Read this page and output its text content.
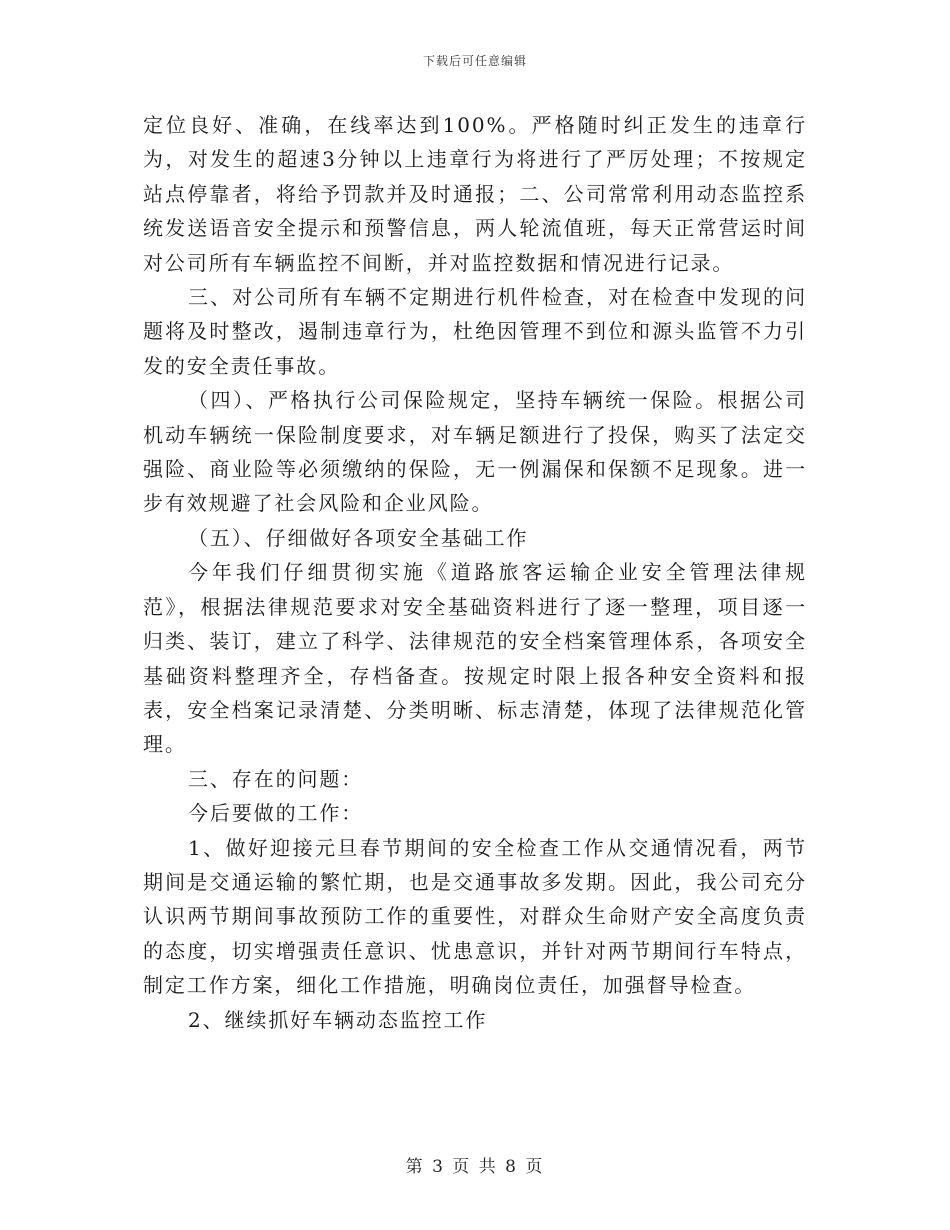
下载后可任意编辑

定位良好、准确，在线率达到100%。严格随时纠正发生的违章行为，对发生的超速3分钟以上违章行为将进行了严厉处理；不按规定站点停靠者，将给予罚款并及时通报；二、公司常常利用动态监控系统发送语音安全提示和预警信息，两人轮流值班，每天正常营运时间对公司所有车辆监控不间断，并对监控数据和情况进行记录。

三、对公司所有车辆不定期进行机件检查，对在检查中发现的问题将及时整改，遏制违章行为，杜绝因管理不到位和源头监管不力引发的安全责任事故。

（四）、严格执行公司保险规定，坚持车辆统一保险。根据公司机动车辆统一保险制度要求，对车辆足额进行了投保，购买了法定交强险、商业险等必须缴纳的保险，无一例漏保和保额不足现象。进一步有效规避了社会风险和企业风险。

（五）、仔细做好各项安全基础工作

今年我们仔细贯彻实施《道路旅客运输企业安全管理法律规范》，根据法律规范要求对安全基础资料进行了逐一整理，项目逐一归类、装订，建立了科学、法律规范的安全档案管理体系，各项安全基础资料整理齐全，存档备查。按规定时限上报各种安全资料和报表，安全档案记录清楚、分类明晰、标志清楚，体现了法律规范化管理。

三、存在的问题：

今后要做的工作：

1、做好迎接元旦春节期间的安全检查工作从交通情况看，两节期间是交通运输的繁忙期，也是交通事故多发期。因此，我公司充分认识两节期间事故预防工作的重要性，对群众生命财产安全高度负责的态度，切实增强责任意识、忧患意识，并针对两节期间行车特点，制定工作方案，细化工作措施，明确岗位责任，加强督导检查。

2、继续抓好车辆动态监控工作

第 3 页 共 8 页
